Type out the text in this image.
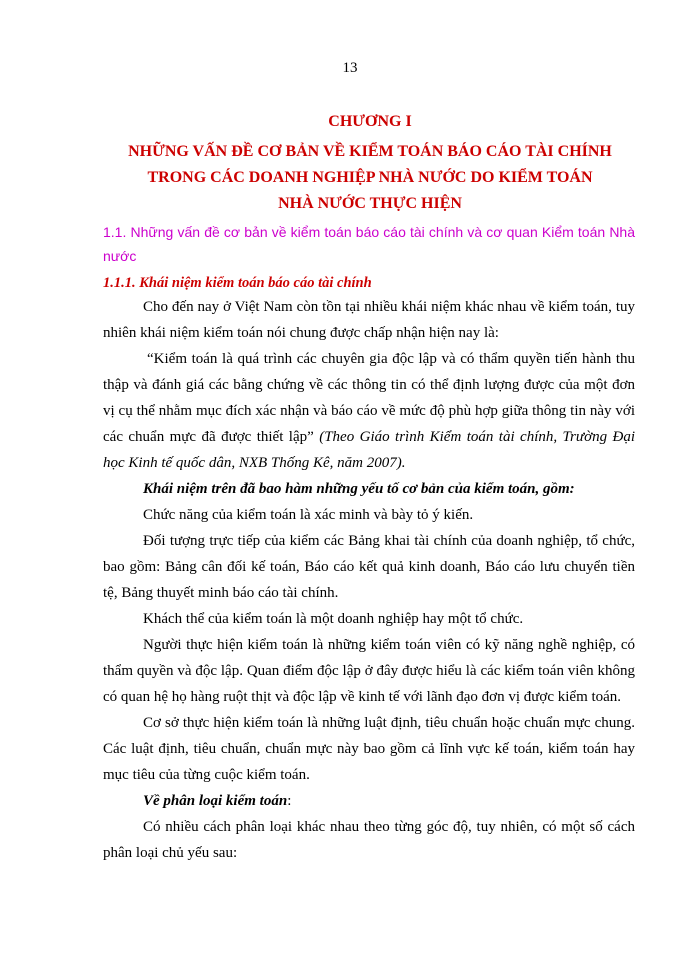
13
CHƯƠNG I
NHỮNG VẤN ĐỀ CƠ BẢN VỀ KIỂM TOÁN BÁO CÁO TÀI CHÍNH
TRONG CÁC DOANH NGHIỆP NHÀ NƯỚC DO KIỂM TOÁN
NHÀ NƯỚC THỰC HIỆN
1.1. Những vấn đề cơ bản về kiểm toán báo cáo tài chính và cơ quan Kiểm toán Nhà nước
1.1.1. Khái niệm kiểm toán báo cáo tài chính
Cho đến nay ở Việt Nam còn tồn tại nhiều khái niệm khác nhau về kiểm toán, tuy nhiên khái niệm kiểm toán nói chung được chấp nhận hiện nay là:
“Kiểm toán là quá trình các chuyên gia độc lập và có thẩm quyền tiến hành thu thập và đánh giá các bằng chứng về các thông tin có thể định lượng được của một đơn vị cụ thể nhằm mục đích xác nhận và báo cáo về mức độ phù hợp giữa thông tin này với các chuẩn mực đã được thiết lập” (Theo Giáo trình Kiểm toán tài chính, Trường Đại học Kinh tế quốc dân, NXB Thống Kê, năm 2007).
Khái niệm trên đã bao hàm những yếu tố cơ bản của kiểm toán, gồm:
Chức năng của kiểm toán là xác minh và bày tỏ ý kiến.
Đối tượng trực tiếp của kiểm các Bảng khai tài chính của doanh nghiệp, tổ chức, bao gồm: Bảng cân đối kế toán, Báo cáo kết quả kinh doanh, Báo cáo lưu chuyển tiền tệ, Bảng thuyết minh báo cáo tài chính.
Khách thể của kiểm toán là một doanh nghiệp hay một tổ chức.
Người thực hiện kiểm toán là những kiểm toán viên có kỹ năng nghề nghiệp, có thẩm quyền và độc lập. Quan điểm độc lập ở đây được hiểu là các kiểm toán viên không có quan hệ họ hàng ruột thịt và độc lập về kinh tế với lãnh đạo đơn vị được kiểm toán.
Cơ sở thực hiện kiểm toán là những luật định, tiêu chuẩn hoặc chuẩn mực chung. Các luật định, tiêu chuẩn, chuẩn mực này bao gồm cả lĩnh vực kế toán, kiểm toán hay mục tiêu của từng cuộc kiểm toán.
Về phân loại kiểm toán:
Có nhiều cách phân loại khác nhau theo từng góc độ, tuy nhiên, có một số cách phân loại chủ yếu sau:
